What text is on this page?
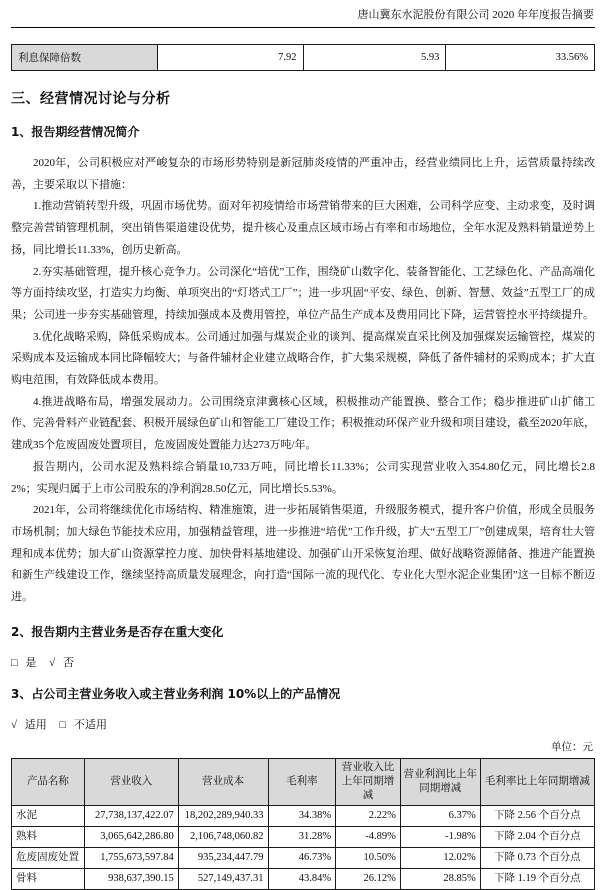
唐山冀东水泥股份有限公司 2020 年年度报告摘要
利息保障倍数	7.92	5.93	33.56%
三、经营情况讨论与分析
1、报告期经营情况简介

2020年，公司积极应对严峻复杂的市场形势特别是新冠肺炎疫情的严重冲击，经营业绩同比上升，运营质量持续改善，主要采取以下措施：

1.推动营销转型升级，巩固市场优势。面对年初疫情给市场营销带来的巨大困难，公司科学应变、主动求变，及时调整完善营销管理机制，突出销售渠道建设优势，提升核心及重点区域市场占有率和市场地位，全年水泥及熟料销量逆势上扬，同比增长11.33%，创历史新高。

2.夯实基础管理，提升核心竞争力。公司深化“培优”工作，围绕矿山数字化、装备智能化、工艺绿色化、产品高端化等方面持续攻坚，打造实力均衡、单项突出的“灯塔式工厂”；进一步巩固“平安、绿色、创新、智慧、效益”五型工厂的成果；公司进一步夯实基础管理，持续加强成本及费用管控，单位产品生产成本及费用同比下降，运营管控水平持续提升。

3.优化战略采购，降低采购成本。公司通过加强与煤炭企业的谈判、提高煤炭直采比例及加强煤炭运输管控，煤炭的采购成本及运输成本同比降幅较大；与备件辅材企业建立战略合作，扩大集采规模，降低了备件辅材的采购成本；扩大直购电范围，有效降低成本费用。

4.推进战略布局，增强发展动力。公司围绕京津冀核心区域，积极推动产能置换、整合工作；稳步推进矿山扩储工作、完善骨料产业链配套、积极开展绿色矿山和智能工厂建设工作；积极推动环保产业升级和项目建设，截至2020年底，建成35个危废固废处置项目，危废固废处置能力达273万吨/年。

报告期内，公司水泥及熟料综合销量10,733万吨，同比增长11.33%；公司实现营业收入354.80亿元，同比增长2.82%；实现归属于上市公司股东的净利润28.50亿元，同比增长5.53%。

2021年，公司将继续优化市场结构、精准施策，进一步拓展销售渠道，升级服务模式，提升客户价值，形成全员服务市场机制；加大绿色节能技术应用，加强精益管理，进一步推进“培优”工作升级，扩大“五型工厂”创建成果，培育壮大管理和成本优势；加大矿山资源掌控力度、加快骨料基地建设、加强矿山开采恢复治理、做好战略资源储备、推进产能置换和新生产线建设工作，继续坚持高质量发展理念，向打造“国际一流的现代化、专业化大型水泥企业集团”这一目标不断迈进。

2、报告期内主营业务是否存在重大变化
□ 是 √ 否
3、占公司主营业务收入或主营业务利润 10%以上的产品情况
√ 适用 □ 不适用
单位：元
产品名称	营业收入	营业成本	毛利率	营业收入比上年同期增减	营业利润比上年同期增减	毛利率比上年同期增减
水泥	27,738,137,422.07	18,202,289,940.33	34.38%	2.22%	6.37%	下降 2.56 个百分点
熟料	3,065,642,286.80	2,106,748,060.82	31.28%	-4.89%	-1.98%	下降 2.04 个百分点
危废固废处置	1,755,673,597.84	935,234,447.79	46.73%	10.50%	12.02%	下降 0.73 个百分点
骨料	938,637,390.15	527,149,437.31	43.84%	26.12%	28.85%	下降 1.19 个百分点
